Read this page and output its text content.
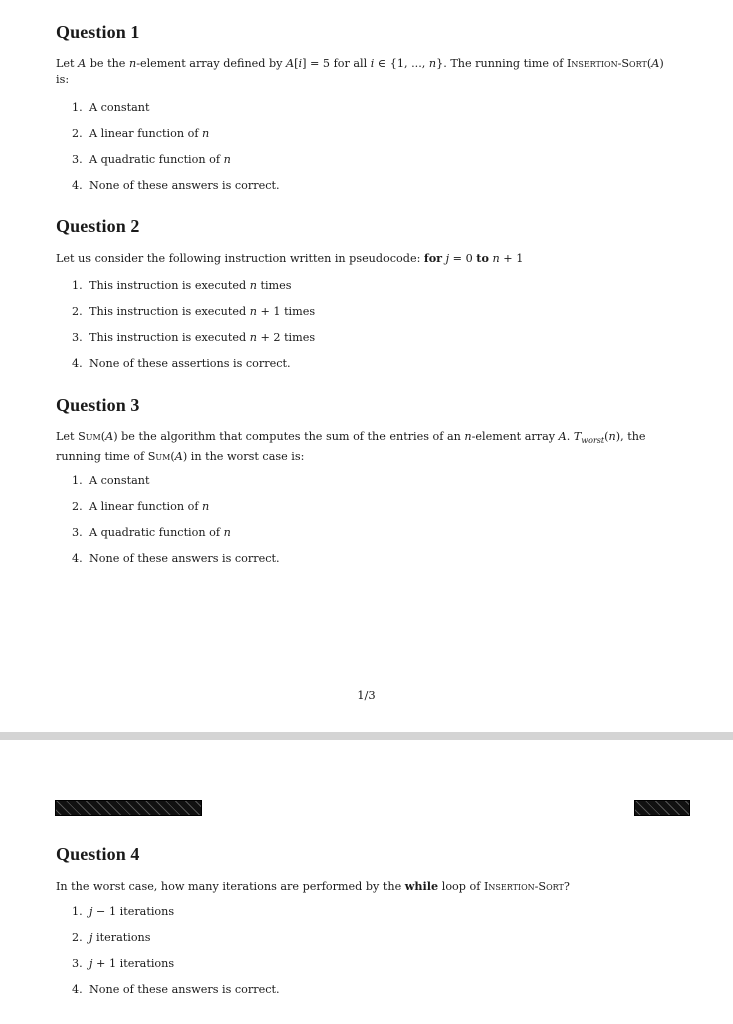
Question 1
Let A be the n-element array defined by A[i] = 5 for all i ∈ {1, ..., n}. The running time of Insertion-Sort(A)
is:
1. A constant
2. A linear function of n
3. A quadratic function of n
4. None of these answers is correct.
Question 2
Let us consider the following instruction written in pseudocode: for j = 0 to n + 1
1. This instruction is executed n times
2. This instruction is executed n + 1 times
3. This instruction is executed n + 2 times
4. None of these assertions is correct.
Question 3
Let Sum(A) be the algorithm that computes the sum of the entries of an n-element array A. $T_{worst}(n)$, the
running time of Sum(A) in the worst case is:
1. A constant
2. A linear function of n
3. A quadratic function of n
4. None of these answers is correct.
1/3
Question 4
In the worst case, how many iterations are performed by the while loop of Insertion-Sort?
1. j − 1 iterations
2. j iterations
3. j + 1 iterations
4. None of these answers is correct.
